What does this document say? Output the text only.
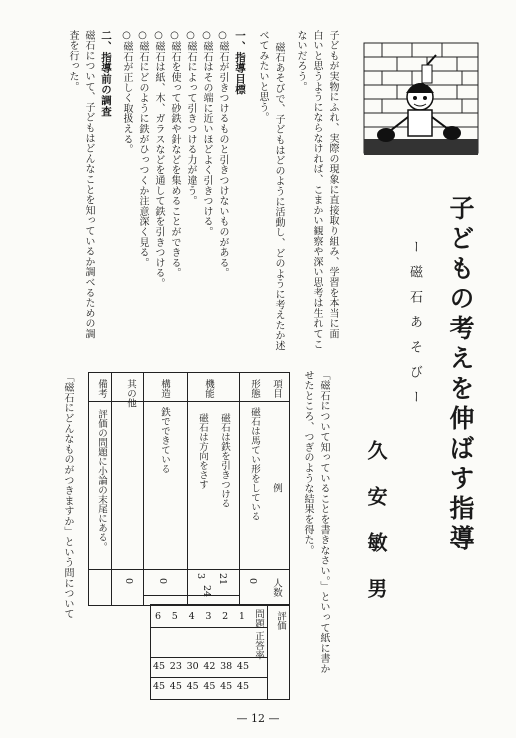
子どもの考えを伸ばす指導
ー磁石あそびー
久安敏男
子どもが実物にふれ、実際の現象に直接取り組み、学習を本当に面
白いと思うようにならなければ、こまかい観察や深い思考は生れてこ
ないだろう。
磁石あそびで、子どもはどのように活動し、どのように考えたか述
べてみたいと思う。
一、指導目標
○磁石が引きつけるものと引きつけないものがある。
○磁石はその端に近いほどよく引きつける。
○磁石によって引きつける力が違う。
○磁石を使って砂鉄や針などを集めることができる。
○磁石は紙、木、ガラスなどを通して鉄を引きつける。
○磁石にどのように鉄がひっつくか注意深く見る。
○磁石が正しく取扱える。
二、指導前の調査
磁石について、子どもはどんなことを知っているか調べるための調
査を行った。
「磁石について知っていることを書きなさい。」といって紙に書か
せたところ、つぎのような結果を得た。
項目
例
人数
形態
磁石は馬てい形をしている
0
機能
磁石は鉄を引きつける
21
磁石は方向をさす
3
24
構造
鉄でできている
0
其の他
0
備考
評価の問題に小論の末尾にある。
評価
問題
正答率
1
2
3
4
5
6
45
38
42
30
23
45
45
45
45
45
45
45
「磁石にどんなものがつきますか」という問について
— 12 —
